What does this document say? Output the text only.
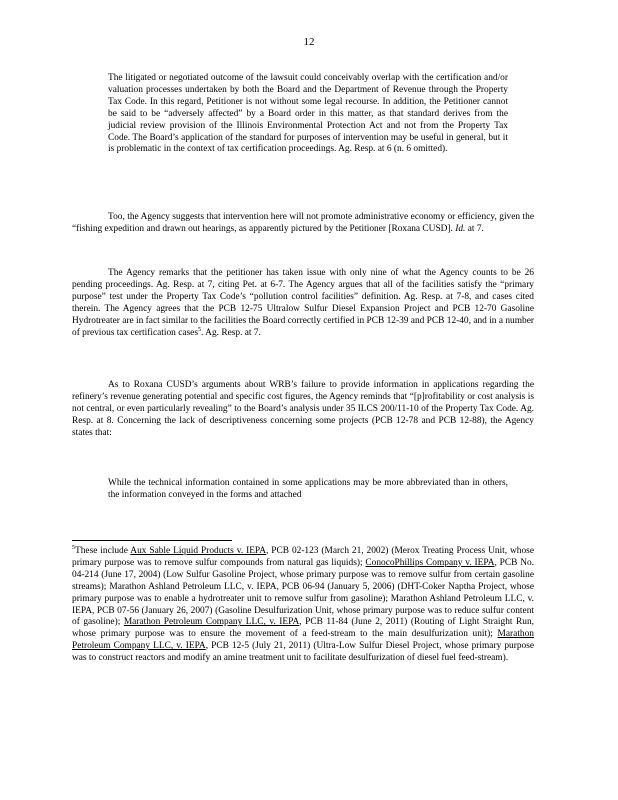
12
The litigated or negotiated outcome of the lawsuit could conceivably overlap with the certification and/or valuation processes undertaken by both the Board and the Department of Revenue through the Property Tax Code. In this regard, Petitioner is not without some legal recourse. In addition, the Petitioner cannot be said to be “adversely affected” by a Board order in this matter, as that standard derives from the judicial review provision of the Illinois Environmental Protection Act and not from the Property Tax Code. The Board’s application of the standard for purposes of intervention may be useful in general, but it is problematic in the context of tax certification proceedings. Ag. Resp. at 6 (n. 6 omitted).
Too, the Agency suggests that intervention here will not promote administrative economy or efficiency, given the “fishing expedition and drawn out hearings, as apparently pictured by the Petitioner [Roxana CUSD]. Id. at 7.
The Agency remarks that the petitioner has taken issue with only nine of what the Agency counts to be 26 pending proceedings. Ag. Resp. at 7, citing Pet. at 6-7. The Agency argues that all of the facilities satisfy the “primary purpose” test under the Property Tax Code’s “pollution control facilities” definition. Ag. Resp. at 7-8, and cases cited therein. The Agency agrees that the PCB 12-75 Ultralow Sulfur Diesel Expansion Project and PCB 12-70 Gasoline Hydrotreater are in fact similar to the facilities the Board correctly certified in PCB 12-39 and PCB 12-40, and in a number of previous tax certification cases$^5$. Ag. Resp. at 7.
As to Roxana CUSD’s arguments about WRB’s failure to provide information in applications regarding the refinery’s revenue generating potential and specific cost figures, the Agency reminds that “[p]rofitability or cost analysis is not central, or even particularly revealing” to the Board’s analysis under 35 ILCS 200/11-10 of the Property Tax Code. Ag. Resp. at 8. Concerning the lack of descriptiveness concerning some projects (PCB 12-78 and PCB 12-88), the Agency states that:
While the technical information contained in some applications may be more abbreviated than in others, the information conveyed in the forms and attached
$^5$These include Aux Sable Liquid Products v. IEPA, PCB 02-123 (March 21, 2002) (Merox Treating Process Unit, whose primary purpose was to remove sulfur compounds from natural gas liquids); ConocoPhillips Company v. IEPA, PCB No. 04-214 (June 17, 2004) (Low Sulfur Gasoline Project, whose primary purpose was to remove sulfur from certain gasoline streams); Marathon Ashland Petroleum LLC, v. IEPA, PCB 06-94 (January 5, 2006) (DHT-Coker Naptha Project, whose primary purpose was to enable a hydrotreater unit to remove sulfur from gasoline); Marathon Ashland Petroleum LLC, v. IEPA, PCB 07-56 (January 26, 2007) (Gasoline Desulfurization Unit, whose primary purpose was to reduce sulfur content of gasoline); Marathon Petroleum Company LLC, v. IEPA, PCB 11-84 (June 2, 2011) (Routing of Light Straight Run, whose primary purpose was to ensure the movement of a feed-stream to the main desulfurization unit); Marathon Petroleum Company LLC, v. IEPA, PCB 12-5 (July 21, 2011) (Ultra-Low Sulfur Diesel Project, whose primary purpose was to construct reactors and modify an amine treatment unit to facilitate desulfurization of diesel fuel feed-stream).
